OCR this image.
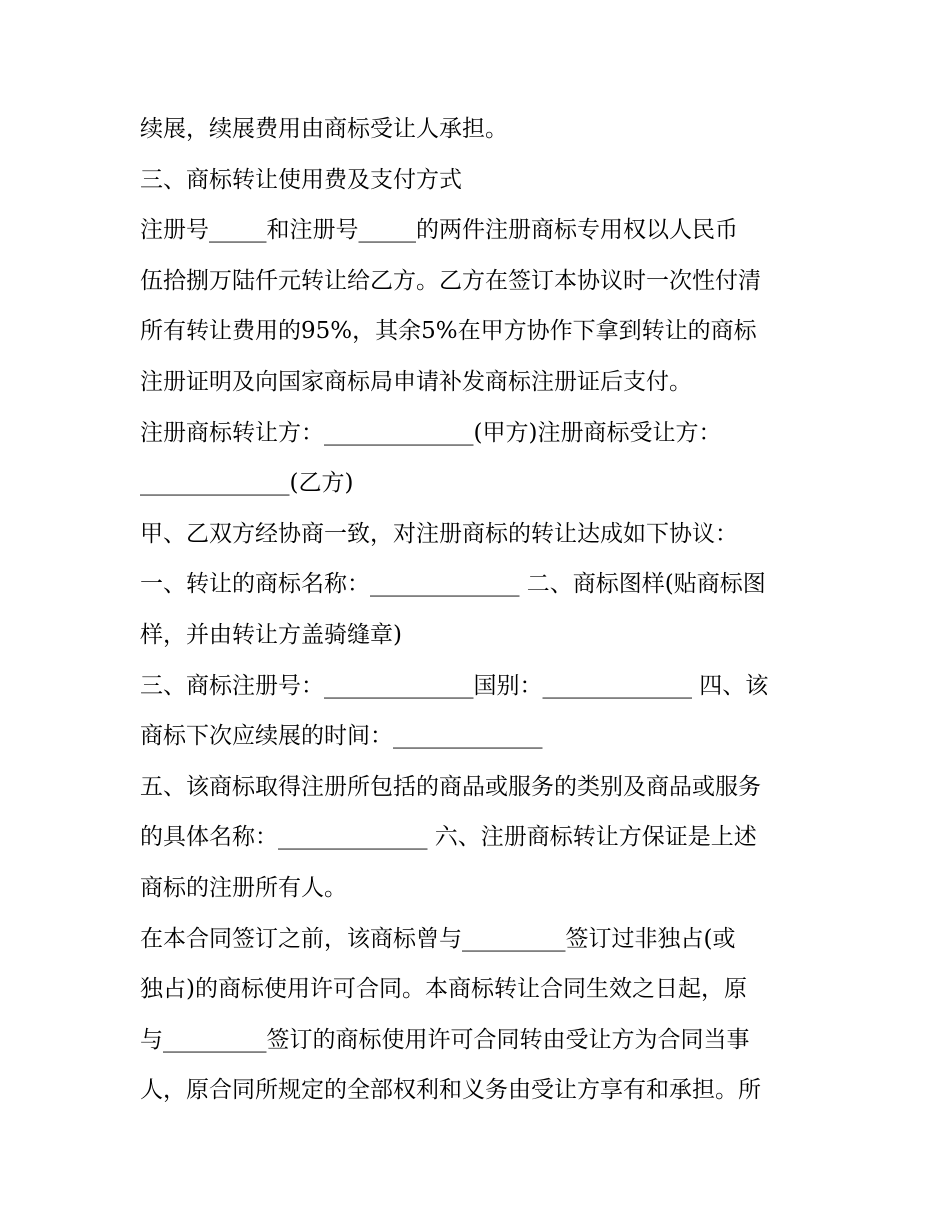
续展，续展费用由商标受让人承担。
三、商标转让使用费及支付方式
注册号_____和注册号_____的两件注册商标专用权以人民币
伍拾捌万陆仟元转让给乙方。乙方在签订本协议时一次性付清
所有转让费用的95%，其余5%在甲方协作下拿到转让的商标
注册证明及向国家商标局申请补发商标注册证后支付。
注册商标转让方：_____________(甲方)注册商标受让方：
_____________(乙方)
甲、乙双方经协商一致，对注册商标的转让达成如下协议：
一、转让的商标名称：_____________ 二、商标图样(贴商标图
样，并由转让方盖骑缝章)
三、商标注册号：_____________国别：_____________ 四、该
商标下次应续展的时间：_____________
五、该商标取得注册所包括的商品或服务的类别及商品或服务
的具体名称：_____________ 六、注册商标转让方保证是上述
商标的注册所有人。
在本合同签订之前，该商标曾与_________签订过非独占(或
独占)的商标使用许可合同。本商标转让合同生效之日起，原
与_________签订的商标使用许可合同转由受让方为合同当事
人，原合同所规定的全部权利和义务由受让方享有和承担。所
